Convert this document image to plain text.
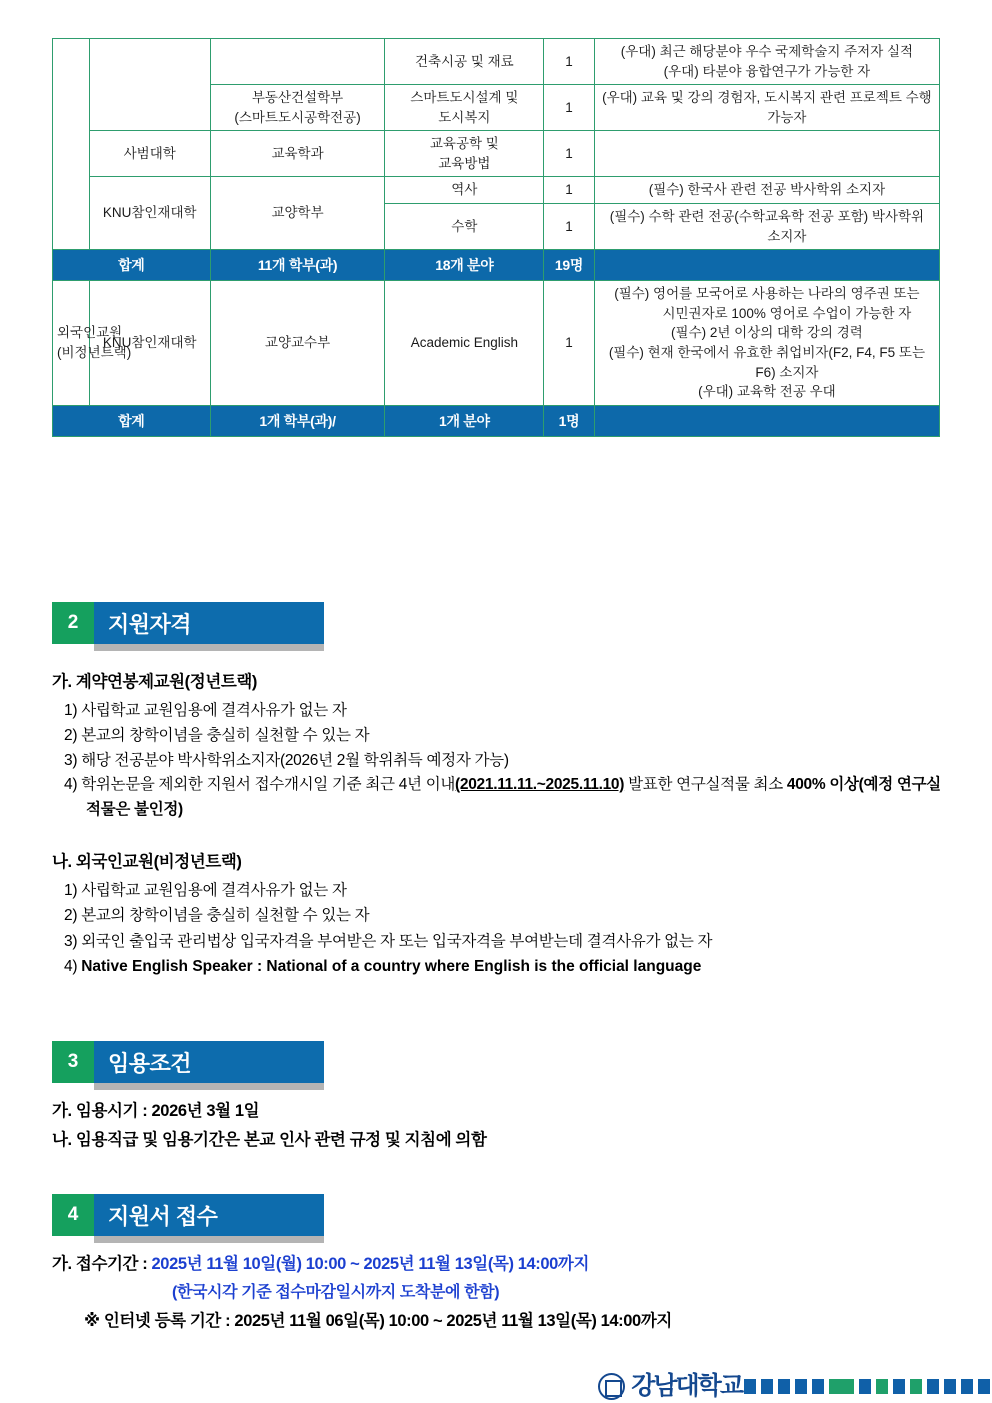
			건축시공 및 재료	1	(우대) 최근 해당분야 우수 국제학술지 주저자 실적
(우대) 타분야 융합연구가 가능한 자

		부동산건설학부
(스마트도시공학전공)	스마트도시설계 및
도시복지	1	(우대) 교육 및 강의 경험자, 도시복지 관련 프로젝트 수행 가능자

	사범대학	교육학과	교육공학 및
교육방법	1	
	KNU참인재대학	교양학부	역사	1	(필수) 한국사 관련 전공 박사학위 소지자

			수학	1	(필수) 수학 관련 전공(수학교육학 전공 포함) 박사학위 소지자

합계		11개 학부(과)	18개 분야	19명	
외국인교원
(비정년트랙)	KNU참인재대학	교양교수부	Academic English	1	(필수) 영어를 모국어로 사용하는 나라의 영주권 또는 시민권자로 100% 영어로 수업이 가능한 자
(필수) 2년 이상의 대학 강의 경력
(필수) 현재 한국에서 유효한 취업비자(F2, F4, F5 또는 F6) 소지자
(우대) 교육학 전공 우대

합계		1개 학부(과)/	1개 분야	1명	
2	지원자격

가. 계약연봉제교원(정년트랙)

1) 사립학교 교원임용에 결격사유가 없는 자
2) 본교의 창학이념을 충실히 실천할 수 있는 자
3) 해당 전공분야 박사학위소지자(2026년 2월 학위취득 예정자 가능)
4) 학위논문을 제외한 지원서 접수개시일 기준 최근 4년 이내(2021.11.11.~2025.11.10) 발표한 연구실적물 최소 400% 이상(예정 연구실적물은 불인정)

나. 외국인교원(비정년트랙)

1) 사립학교 교원임용에 결격사유가 없는 자
2) 본교의 창학이념을 충실히 실천할 수 있는 자
3) 외국인 출입국 관리법상 입국자격을 부여받은 자 또는 입국자격을 부여받는데 결격사유가 없는 자
4) Native English Speaker : National of a country where English is the official language
3	임용조건
가. 임용시기 : 2026년 3월 1일
나. 임용직급 및 임용기간은 본교 인사 관련 규정 및 지침에 의함
4	지원서 접수
가. 접수기간 : 2025년 11월 10일(월) 10:00 ~ 2025년 11월 13일(목) 14:00까지
(한국시각 기준 접수마감일시까지 도착분에 한함)
※ 인터넷 등록 기간 : 2025년 11월 06일(목) 10:00 ~ 2025년 11월 13일(목) 14:00까지
강남대학교
